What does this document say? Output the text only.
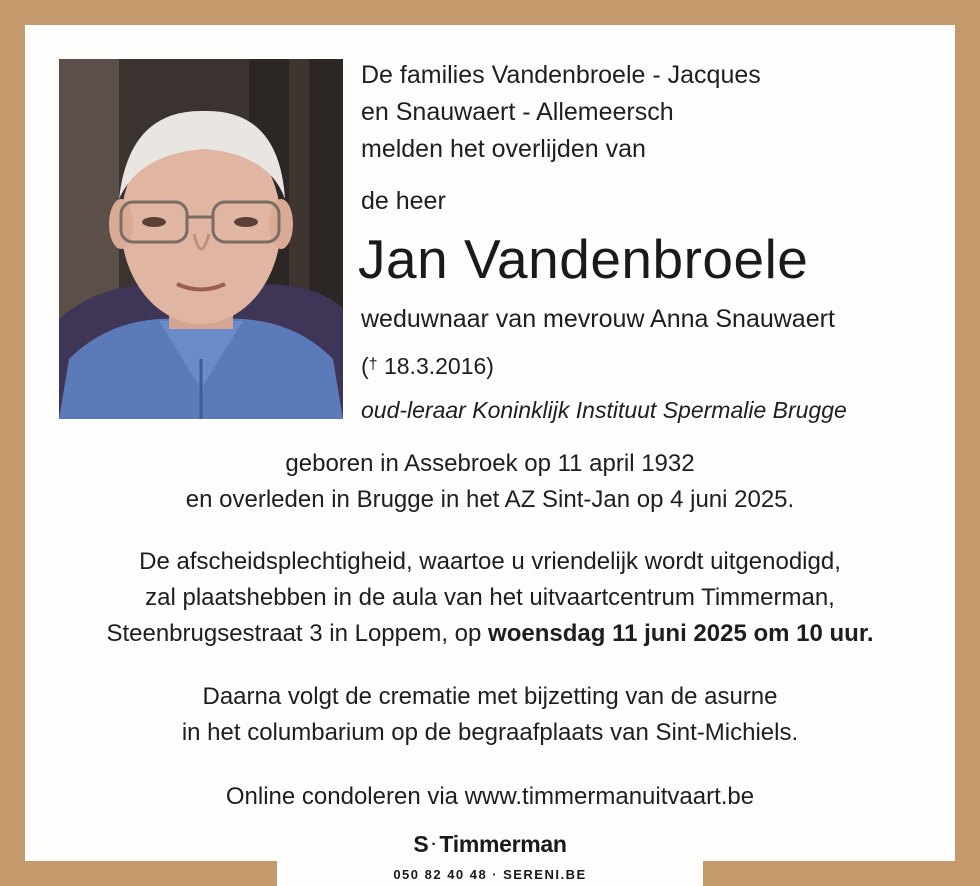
De families Vandenbroele - Jacques
en Snauwaert - Allemeersch
melden het overlijden van
de heer
Jan Vandenbroele
weduwnaar van mevrouw Anna Snauwaert
(† 18.3.2016)
oud-leraar Koninklijk Instituut Spermalie Brugge
geboren in Assebroek op 11 april 1932
en overleden in Brugge in het AZ Sint-Jan op 4 juni 2025.
De afscheidsplechtigheid, waartoe u vriendelijk wordt uitgenodigd,
zal plaatshebben in de aula van het uitvaartcentrum Timmerman,
Steenbrugsestraat 3 in Loppem, op woensdag 11 juni 2025 om 10 uur.
Daarna volgt de crematie met bijzetting van de asurne
in het columbarium op de begraafplaats van Sint-Michiels.
Online condoleren via www.timmermanuitvaart.be
S · Timmerman
050 82 40 48 · SERENI.BE
